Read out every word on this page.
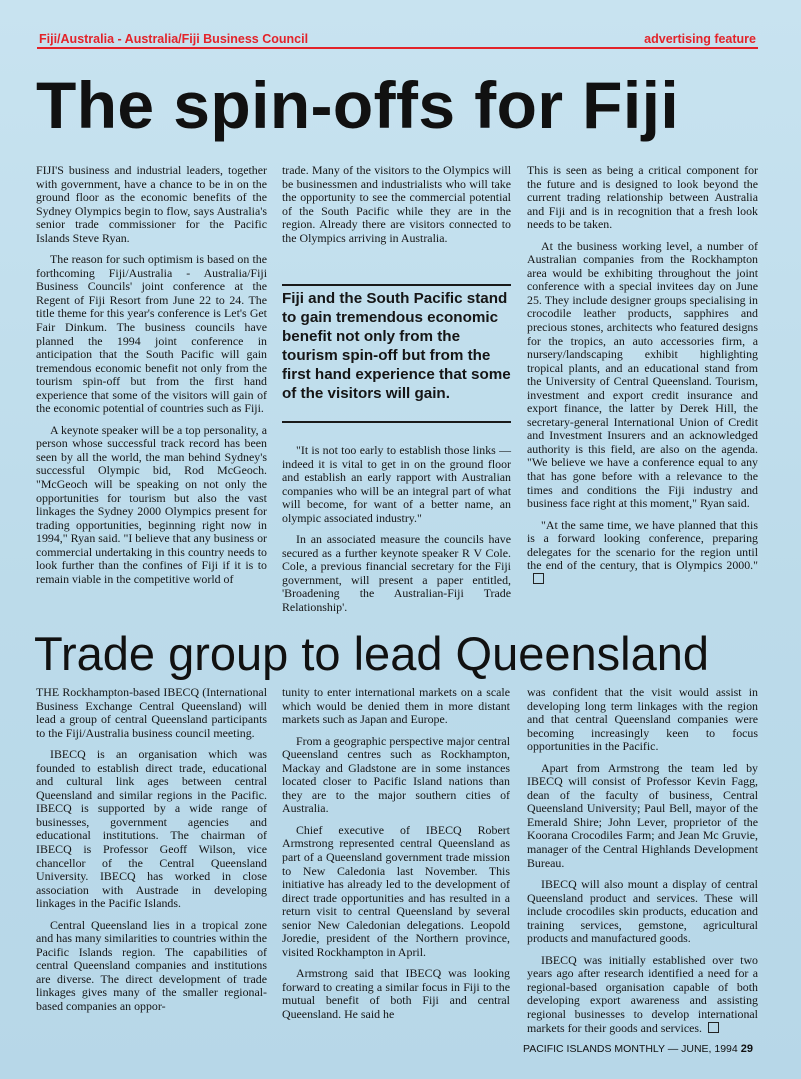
Fiji/Australia - Australia/Fiji Business Council	advertising feature
The spin-offs for Fiji

FIJI'S business and industrial leaders, together with government, have a chance to be in on the ground floor as the economic benefits of the Sydney Olympics begin to flow, says Australia's senior trade commissioner for the Pacific Islands Steve Ryan.

The reason for such optimism is based on the forthcoming Fiji/Australia - Australia/Fiji Business Councils' joint conference at the Regent of Fiji Resort from June 22 to 24. The title theme for this year's conference is Let's Get Fair Dinkum. The business councils have planned the 1994 joint conference in anticipation that the South Pacific will gain tremendous economic benefit not only from the tourism spin-off but from the first hand experience that some of the visitors will gain of the economic potential of countries such as Fiji.

A keynote speaker will be a top personality, a person whose successful track record has been seen by all the world, the man behind Sydney's successful Olympic bid, Rod McGeoch. "McGeoch will be speaking on not only the opportunities for tourism but also the vast linkages the Sydney 2000 Olympics present for trading opportunities, beginning right now in 1994," Ryan said. "I believe that any business or commercial undertaking in this country needs to look further than the confines of Fiji if it is to remain viable in the competitive world of

trade. Many of the visitors to the Olympics will be businessmen and industrialists who will take the opportunity to see the commercial potential of the South Pacific while they are in the region. Already there are visitors connected to the Olympics arriving in Australia.

Fiji and the South Pacific stand to gain tremendous economic benefit not only from the tourism spin-off but from the first hand experience that some of the visitors will gain.

"It is not too early to establish those links — indeed it is vital to get in on the ground floor and establish an early rapport with Australian companies who will be an integral part of what will become, for want of a better name, an olympic associated industry."

In an associated measure the councils have secured as a further keynote speaker R V Cole. Cole, a previous financial secretary for the Fiji government, will present a paper entitled, 'Broadening the Australian-Fiji Trade Relationship'.

This is seen as being a critical component for the future and is designed to look beyond the current trading relationship between Australia and Fiji and is in recognition that a fresh look needs to be taken.

At the business working level, a number of Australian companies from the Rockhampton area would be exhibiting throughout the joint conference with a special invitees day on June 25. They include designer groups specialising in crocodile leather products, sapphires and precious stones, architects who featured designs for the tropics, an auto accessories firm, a nursery/landscaping exhibit highlighting tropical plants, and an educational stand from the University of Central Queensland. Tourism, investment and export credit insurance and export finance, the latter by Derek Hill, the secretary-general International Union of Credit and Investment Insurers and an acknowledged authority is this field, are also on the agenda. "We believe we have a conference equal to any that has gone before with a relevance to the times and conditions the Fiji industry and business face right at this moment," Ryan said.

"At the same time, we have planned that this is a forward looking conference, preparing delegates for the scenario for the region until the end of the century, that is Olympics 2000."

Trade group to lead Queensland

THE Rockhampton-based IBECQ (International Business Exchange Central Queensland) will lead a group of central Queensland participants to the Fiji/Australia business council meeting.

IBECQ is an organisation which was founded to establish direct trade, educational and cultural link ages between central Queensland and similar regions in the Pacific. IBECQ is supported by a wide range of businesses, government agencies and educational institutions. The chairman of IBECQ is Professor Geoff Wilson, vice chancellor of the Central Queensland University. IBECQ has worked in close association with Austrade in developing linkages in the Pacific Islands.

Central Queensland lies in a tropical zone and has many similarities to countries within the Pacific Islands region. The capabilities of central Queensland companies and institutions are diverse. The direct development of trade linkages gives many of the smaller regional-based companies an oppor-

tunity to enter international markets on a scale which would be denied them in more distant markets such as Japan and Europe.

From a geographic perspective major central Queensland centres such as Rockhampton, Mackay and Gladstone are in some instances located closer to Pacific Island nations than they are to the major southern cities of Australia.

Chief executive of IBECQ Robert Armstrong represented central Queensland as part of a Queensland government trade mission to New Caledonia last November. This initiative has already led to the development of direct trade opportunities and has resulted in a return visit to central Queensland by several senior New Caledonian delegations. Leopold Joredie, president of the Northern province, visited Rockhampton in April.

Armstrong said that IBECQ was looking forward to creating a similar focus in Fiji to the mutual benefit of both Fiji and central Queensland. He said he

was confident that the visit would assist in developing long term linkages with the region and that central Queensland companies were becoming increasingly keen to focus opportunities in the Pacific.

Apart from Armstrong the team led by IBECQ will consist of Professor Kevin Fagg, dean of the faculty of business, Central Queensland University; Paul Bell, mayor of the Emerald Shire; John Lever, proprietor of the Koorana Crocodiles Farm; and Jean Mc Gruvie, manager of the Central Highlands Development Bureau.

IBECQ will also mount a display of central Queensland product and services. These will include crocodiles skin products, education and training services, gemstone, agricultural products and manufactured goods.

IBECQ was initially established over two years ago after research identified a need for a regional-based organisation capable of both developing export awareness and assisting regional businesses to develop international markets for their goods and services.

PACIFIC ISLANDS MONTHLY — JUNE, 1994 29
